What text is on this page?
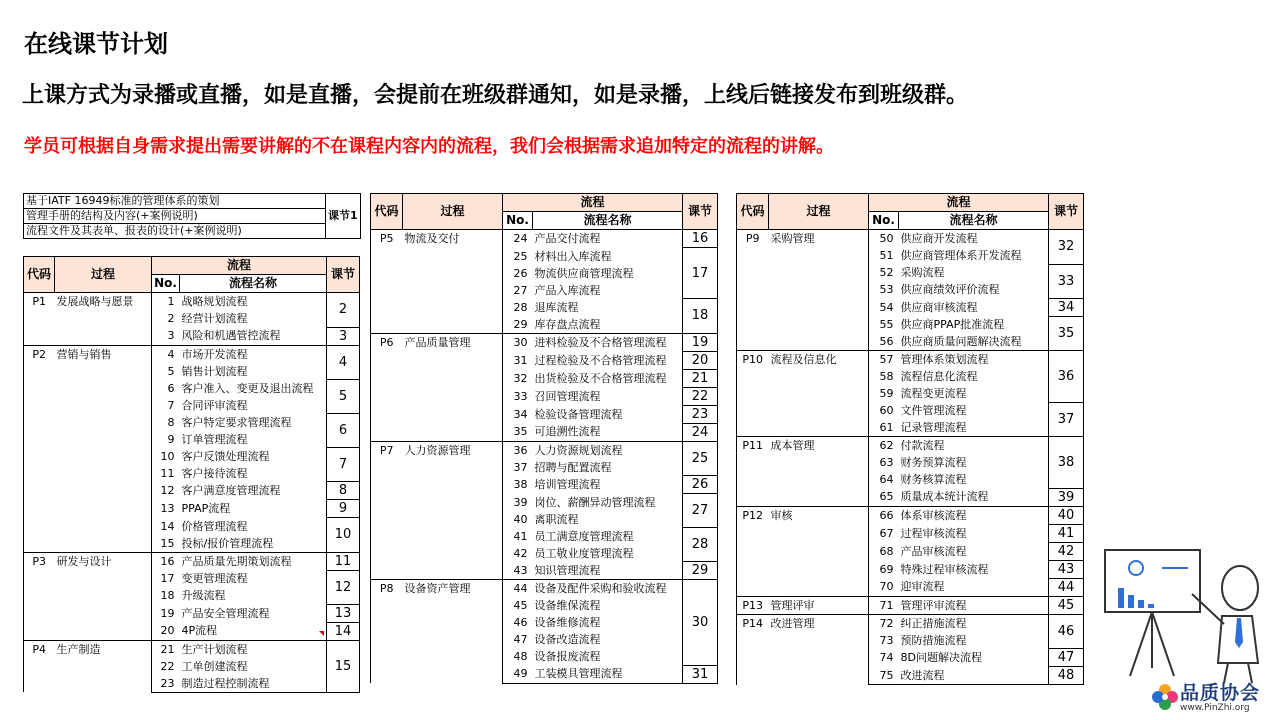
在线课节计划
上课方式为录播或直播，如是直播，会提前在班级群通知，如是录播，上线后链接发布到班级群。
学员可根据自身需求提出需要讲解的不在课程内容内的流程，我们会根据需求追加特定的流程的讲解。
基于IATF 16949标准的管理体系的策划	课节1
管理手册的结构及内容(+案例说明)
流程文件及其表单、报表的设计(+案例说明)
代码	过程	流程		课节
		No.	流程名称	
P1	发展战略与愿景	1	战略规划流程	2
		2	经营计划流程	
		3	风险和机遇管控流程	3
P2	营销与销售	4	市场开发流程	4
		5	销售计划流程	
		6	客户准入、变更及退出流程	5
		7	合同评审流程	
		8	客户特定要求管理流程	6
		9	订单管理流程	
		10	客户反馈处理流程	7
		11	客户接待流程	
		12	客户满意度管理流程	8
		13	PPAP流程	9
		14	价格管理流程	10
		15	投标/报价管理流程	
P3	研发与设计	16	产品质量先期策划流程	11
		17	变更管理流程	12
		18	升级流程	
		19	产品安全管理流程	13
		20	4P流程	14
P4	生产制造	21	生产计划流程	15
		22	工单创建流程	
		23	制造过程控制流程	
代码	过程	流程		课节
		No.	流程名称	
P5	物流及交付	24	产品交付流程	16
		25	材料出入库流程	17
		26	物流供应商管理流程	
		27	产品入库流程	
		28	退库流程	18
		29	库存盘点流程	
P6	产品质量管理	30	进料检验及不合格管理流程	19
		31	过程检验及不合格管理流程	20
		32	出货检验及不合格管理流程	21
		33	召回管理流程	22
		34	检验设备管理流程	23
		35	可追溯性流程	24
P7	人力资源管理	36	人力资源规划流程	25
		37	招聘与配置流程	
		38	培训管理流程	26
		39	岗位、薪酬异动管理流程	27
		40	离职流程	
		41	员工满意度管理流程	28
		42	员工敬业度管理流程	
		43	知识管理流程	29
P8	设备资产管理	44	设备及配件采购和验收流程	30
		45	设备维保流程	
		46	设备维修流程	
		47	设备改造流程	
		48	设备报废流程	
		49	工装模具管理流程	31
代码	过程	流程		课节
		No.	流程名称	
P9	采购管理	50	供应商开发流程	32
		51	供应商管理体系开发流程	
		52	采购流程	33
		53	供应商绩效评价流程	
		54	供应商审核流程	34
		55	供应商PPAP批准流程	35
		56	供应商质量问题解决流程	
P10	流程及信息化	57	管理体系策划流程	36
		58	流程信息化流程	
		59	流程变更流程	
		60	文件管理流程	37
		61	记录管理流程	
P11	成本管理	62	付款流程	38
		63	财务预算流程	
		64	财务核算流程	
		65	质量成本统计流程	39
P12	审核	66	体系审核流程	40
		67	过程审核流程	41
		68	产品审核流程	42
		69	特殊过程审核流程	43
		70	迎审流程	44
P13	管理评审	71	管理评审流程	45
P14	改进管理	72	纠正措施流程	46
		73	预防措施流程	
		74	8D问题解决流程	47
		75	改进流程	48
品质协会
www.PinZhi.org
